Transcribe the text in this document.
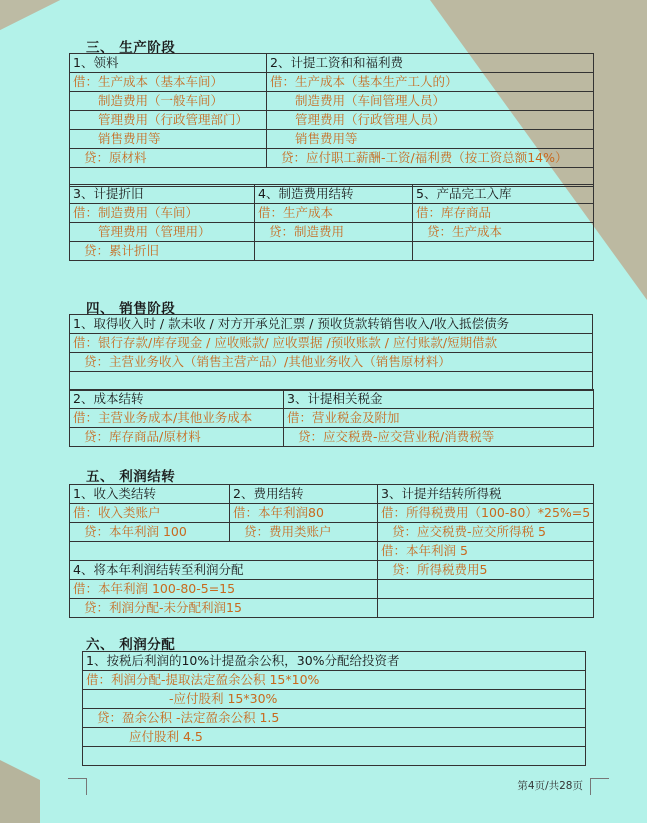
三、 生产阶段
1、领料	2、计提工资和和福利费
借：生产成本（基本车间）	借：生产成本（基本生产工人的）
制造费用（一般车间）	制造费用（车间管理人员）
管理费用（行政管理部门）	管理费用（行政管理人员）
销售费用等	销售费用等
贷：原材料	贷：应付职工薪酬-工资/福利费（按工资总额14%）

3、计提折旧	4、制造费用结转	5、产品完工入库
借：制造费用（车间）	借：生产成本	借：库存商品
管理费用（管理用）	贷：制造费用	贷：生产成本
贷：累计折旧		
四、 销售阶段
1、取得收入时 / 款未收 / 对方开承兑汇票 / 预收货款转销售收入/收入抵偿债务
借：银行存款/库存现金 / 应收账款/ 应收票据 /预收账款 / 应付账款/短期借款
贷：主营业务收入（销售主营产品）/其他业务收入（销售原材料）

2、成本结转	3、计提相关税金
借：主营业务成本/其他业务成本	借：营业税金及附加
贷：库存商品/原材料	贷：应交税费-应交营业税/消费税等
五、 利润结转
1、收入类结转	2、费用结转	3、计提并结转所得税
借：收入类账户	借：本年利润80	借：所得税费用（100-80）*25%=5
贷：本年利润 100	贷：费用类账户	贷：应交税费-应交所得税 5
		借：本年利润 5
4、将本年利润结转至利润分配		贷：所得税费用5
借：本年利润 100-80-5=15		
贷：利润分配-未分配利润15		
六、 利润分配
1、按税后利润的10%计提盈余公积，30%分配给投资者
借：利润分配-提取法定盈余公积 15*10%
-应付股利 15*30%
贷：盈余公积 -法定盈余公积 1.5
应付股利 4.5

第4页/共28页
